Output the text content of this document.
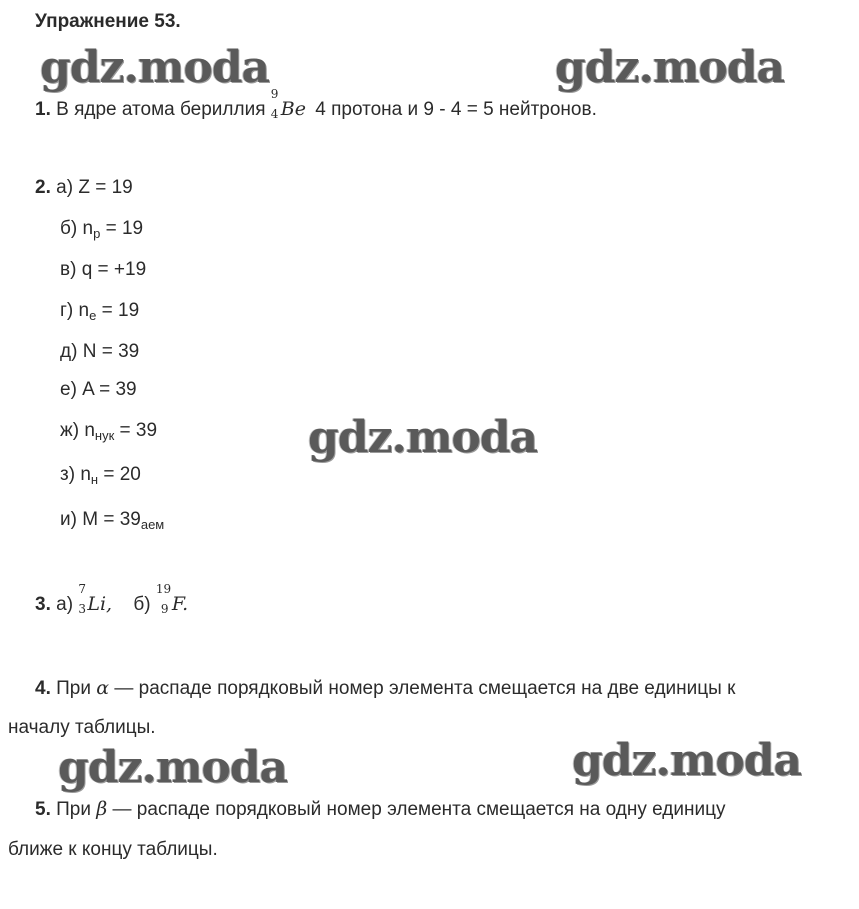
Упражнение 53.
gdz.moda	gdz.moda
gdz.moda
gdz.moda	gdz.moda
1. В ядре атома бериллия
9
4 Be 4 протона и 9 - 4 = 5 нейтронов.
2. а) Z = 19
б) $n_p = 19$
в) q = +19
г) $n_e = 19$
д) N = 39
е) A = 39
ж) $n_{нук} = 39$
з) $n_н = 20$
и) $M = 39_{аем}$
3. а)
7
3 Li, б)
19
9 F.
4. При α — распаде порядковый номер элемента смещается на две единицы к
началу таблицы.
5. При β — распаде порядковый номер элемента смещается на одну единицу
ближе к концу таблицы.
